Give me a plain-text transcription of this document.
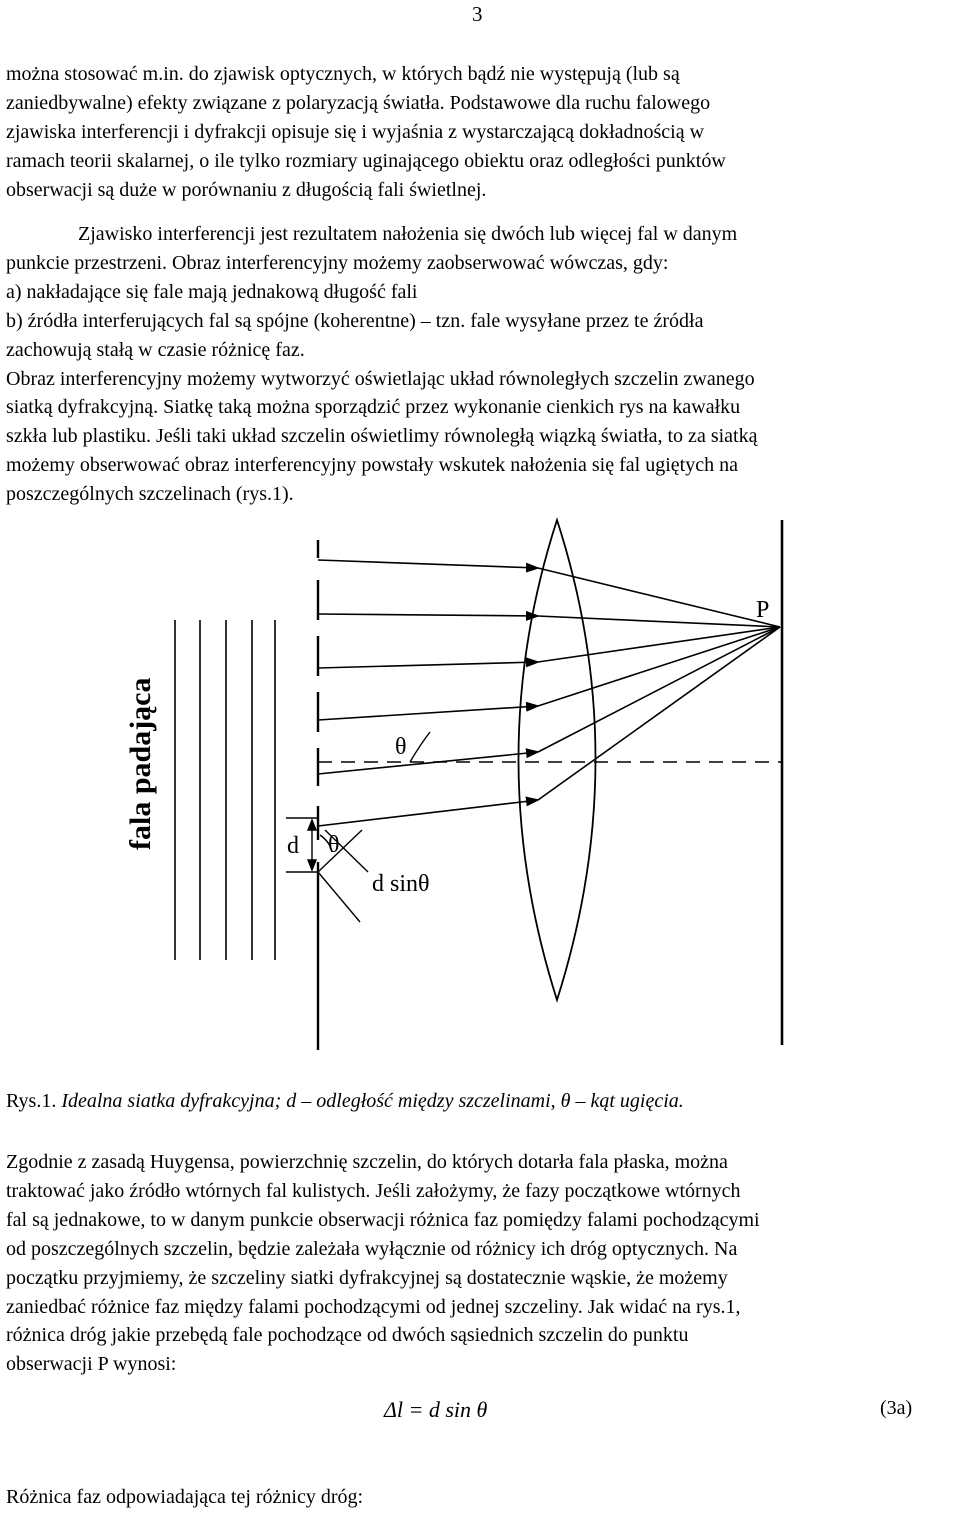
3

można stosować m.in. do zjawisk optycznych, w których bądź nie występują (lub są
zaniedbywalne) efekty związane z polaryzacją światła. Podstawowe dla ruchu falowego
zjawiska interferencji i dyfrakcji opisuje się i wyjaśnia z wystarczającą dokładnością w
ramach teorii skalarnej, o ile tylko rozmiary uginającego obiektu oraz odległości punktów
obserwacji są duże w porównaniu z długością fali świetlnej.

Zjawisko interferencji jest rezultatem nałożenia się dwóch lub więcej fal w danym
punkcie przestrzeni. Obraz interferencyjny możemy zaobserwować wówczas, gdy:
a) nakładające się fale mają jednakową długość fali
b) źródła interferujących fal są spójne (koherentne) – tzn. fale wysyłane przez te źródła
zachowują stałą w czasie różnicę faz.
Obraz interferencyjny możemy wytworzyć oświetlając układ równoległych szczelin zwanego
siatką dyfrakcyjną. Siatkę taką można sporządzić przez wykonanie cienkich rys na kawałku
szkła lub plastiku. Jeśli taki układ szczelin oświetlimy równoległą wiązką światła, to za siatką
możemy obserwować obraz interferencyjny powstały wskutek nałożenia się fal ugiętych na
poszczególnych szczelinach (rys.1).

fala padająca
P
θ
d θ
d sinθ
Rys.1. Idealna siatka dyfrakcyjna; d – odległość między szczelinami, θ – kąt ugięcia.

Zgodnie z zasadą Huygensa, powierzchnię szczelin, do których dotarła fala płaska, można
traktować jako źródło wtórnych fal kulistych. Jeśli założymy, że fazy początkowe wtórnych
fal są jednakowe, to w danym punkcie obserwacji różnica faz pomiędzy falami pochodzącymi
od poszczególnych szczelin, będzie zależała wyłącznie od różnicy ich dróg optycznych. Na
początku przyjmiemy, że szczeliny siatki dyfrakcyjnej są dostatecznie wąskie, że możemy
zaniedbać różnice faz między falami pochodzącymi od jednej szczeliny. Jak widać na rys.1,
różnica dróg jakie przebędą fale pochodzące od dwóch sąsiednich szczelin do punktu
obserwacji P wynosi:

Δl = d sin θ	(3a)

Różnica faz odpowiadająca tej różnicy dróg:
